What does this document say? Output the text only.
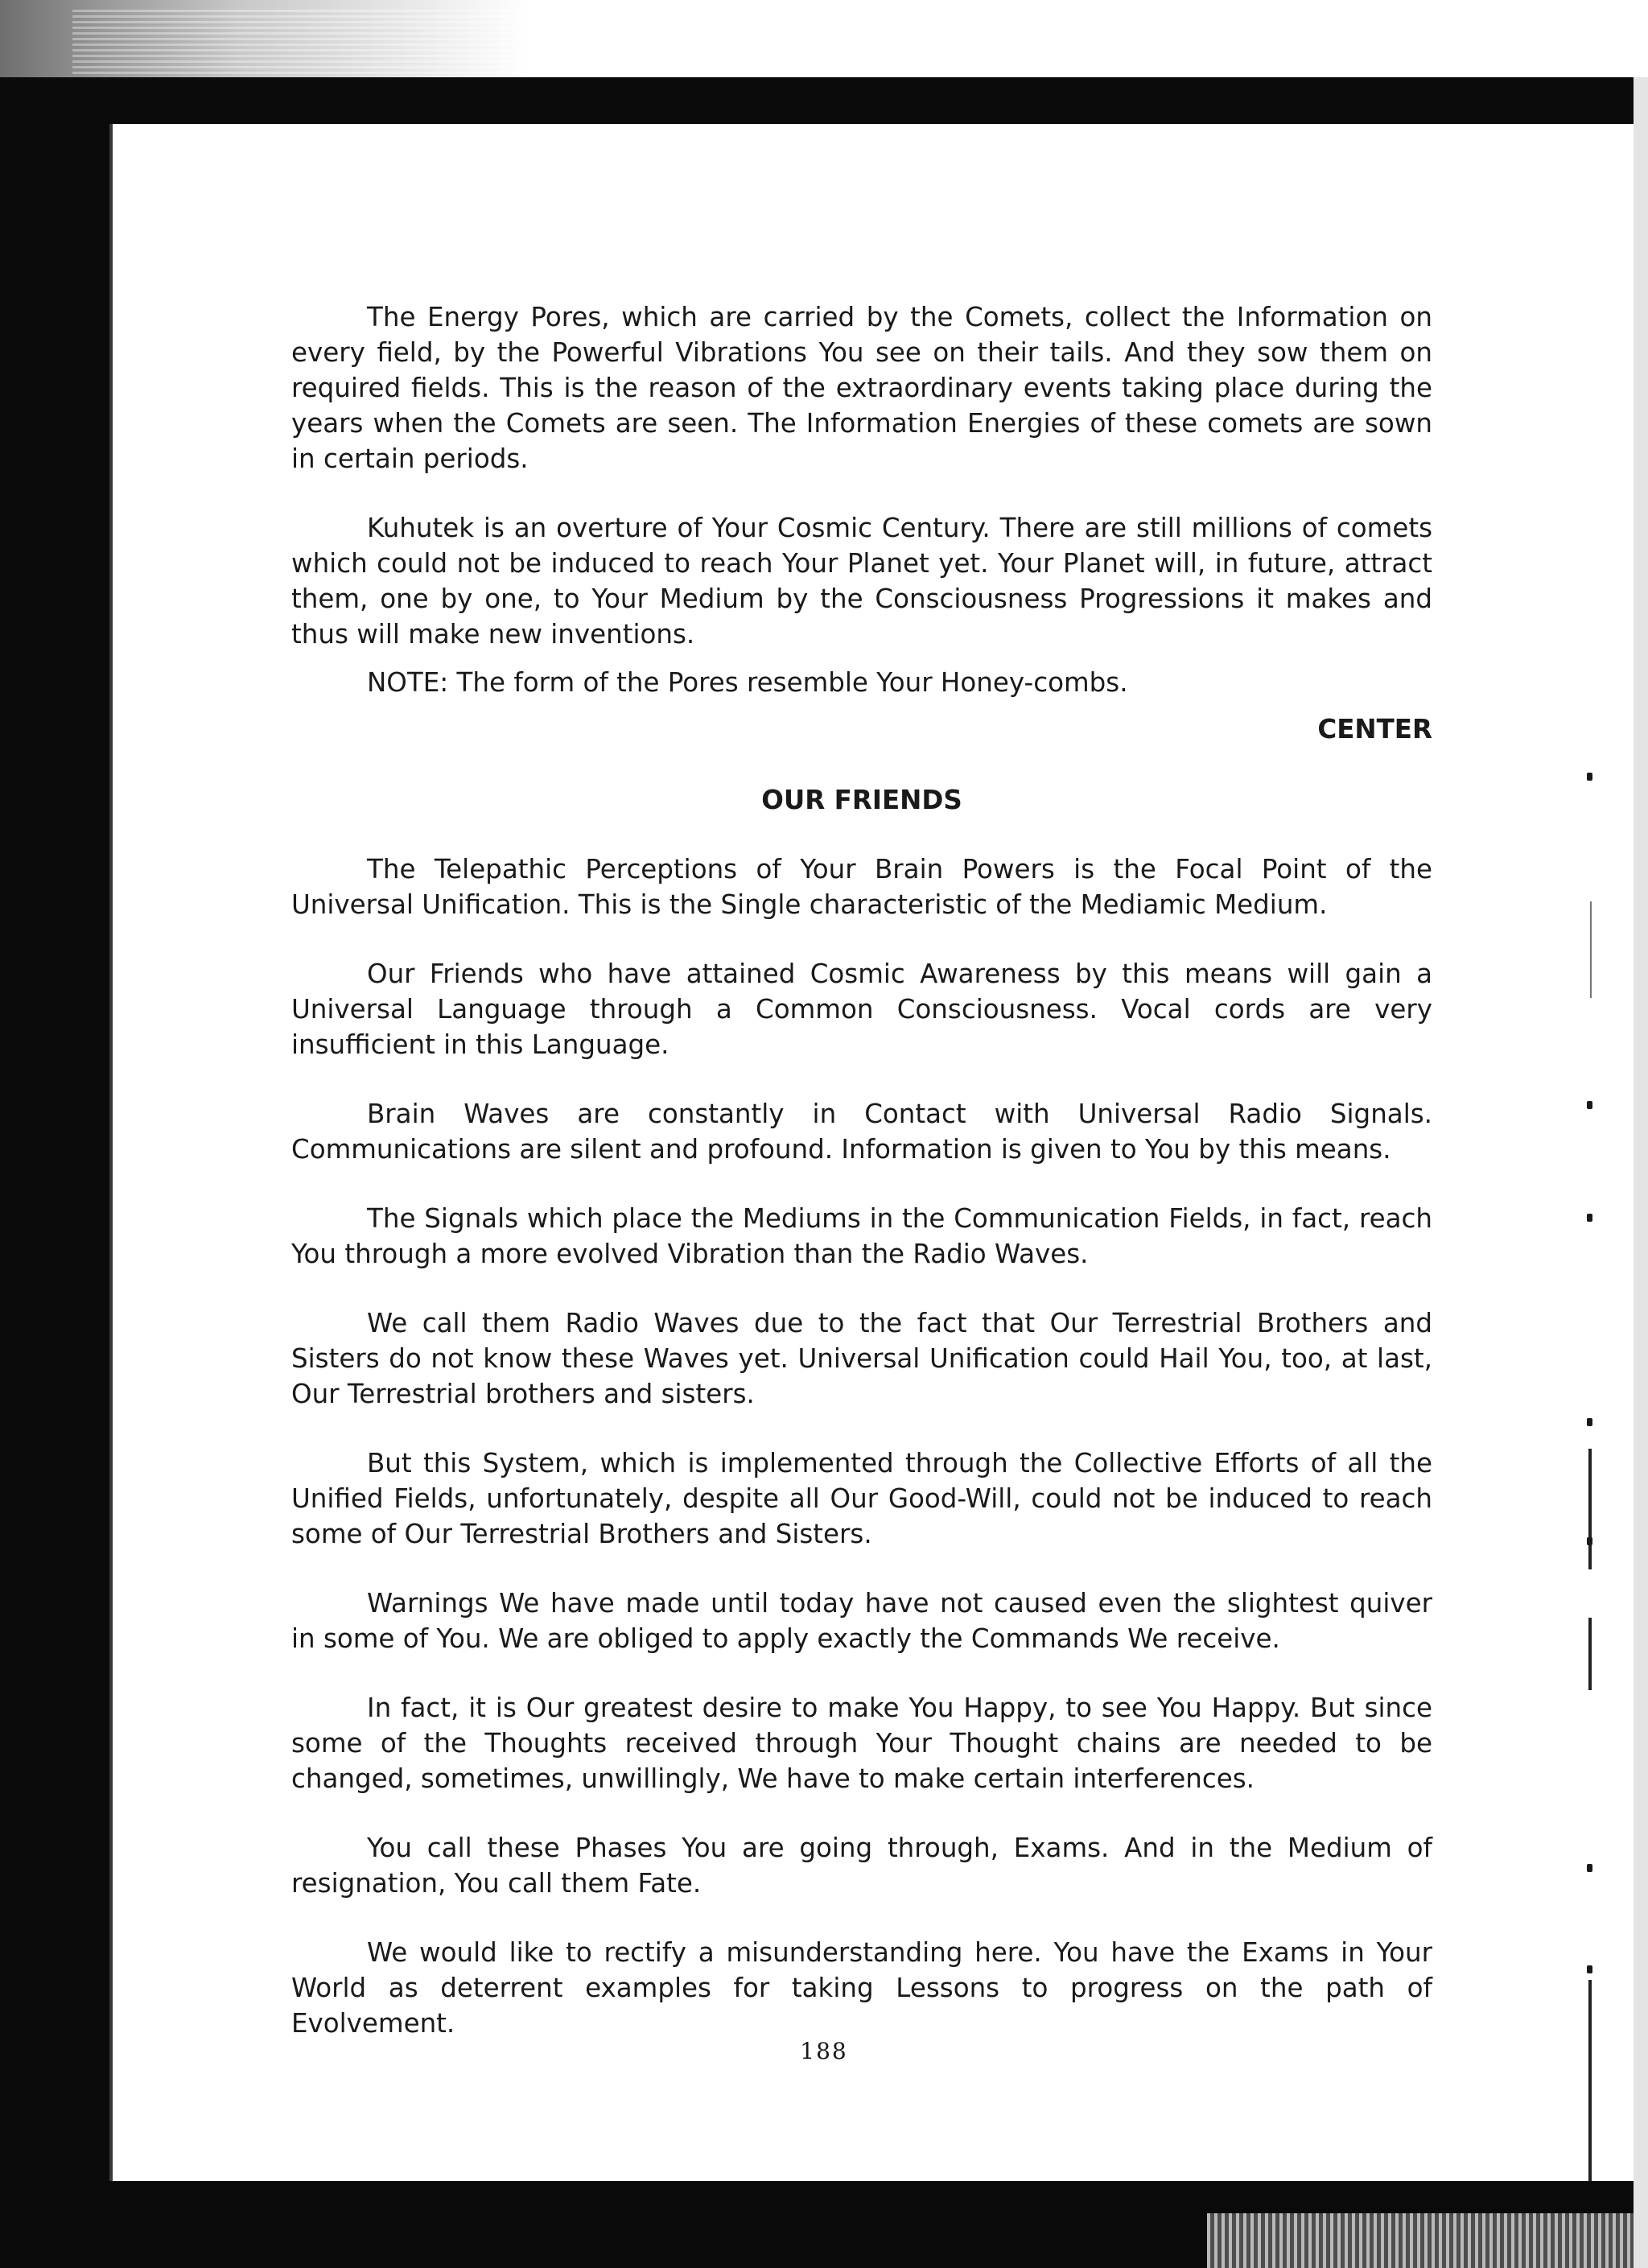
The Energy Pores, which are carried by the Comets, collect the Information on every field, by the Powerful Vibrations You see on their tails. And they sow them on required fields. This is the reason of the extraordinary events taking place during the years when the Comets are seen. The Information Energies of these comets are sown in certain periods.

Kuhutek is an overture of Your Cosmic Century. There are still millions of comets which could not be induced to reach Your Planet yet. Your Planet will, in future, attract them, one by one, to Your Medium by the Consciousness Progressions it makes and thus will make new inventions.

NOTE: The form of the Pores resemble Your Honey-combs.

CENTER
OUR FRIENDS

The Telepathic Perceptions of Your Brain Powers is the Focal Point of the Universal Unification. This is the Single characteristic of the Mediamic Medium.

Our Friends who have attained Cosmic Awareness by this means will gain a Universal Language through a Common Consciousness. Vocal cords are very insufficient in this Language.

Brain Waves are constantly in Contact with Universal Radio Signals. Communications are silent and profound. Information is given to You by this means.

The Signals which place the Mediums in the Communication Fields, in fact, reach You through a more evolved Vibration than the Radio Waves.

We call them Radio Waves due to the fact that Our Terrestrial Brothers and Sisters do not know these Waves yet. Universal Unification could Hail You, too, at last, Our Terrestrial brothers and sisters.

But this System, which is implemented through the Collective Efforts of all the Unified Fields, unfortunately, despite all Our Good-Will, could not be induced to reach some of Our Terrestrial Brothers and Sisters.

Warnings We have made until today have not caused even the slightest quiver in some of You. We are obliged to apply exactly the Commands We receive.

In fact, it is Our greatest desire to make You Happy, to see You Happy. But since some of the Thoughts received through Your Thought chains are needed to be changed, sometimes, unwillingly, We have to make certain interferences.

You call these Phases You are going through, Exams. And in the Medium of resignation, You call them Fate.

We would like to rectify a misunderstanding here. You have the Exams in Your World as deterrent examples for taking Lessons to progress on the path of Evolvement.

188
